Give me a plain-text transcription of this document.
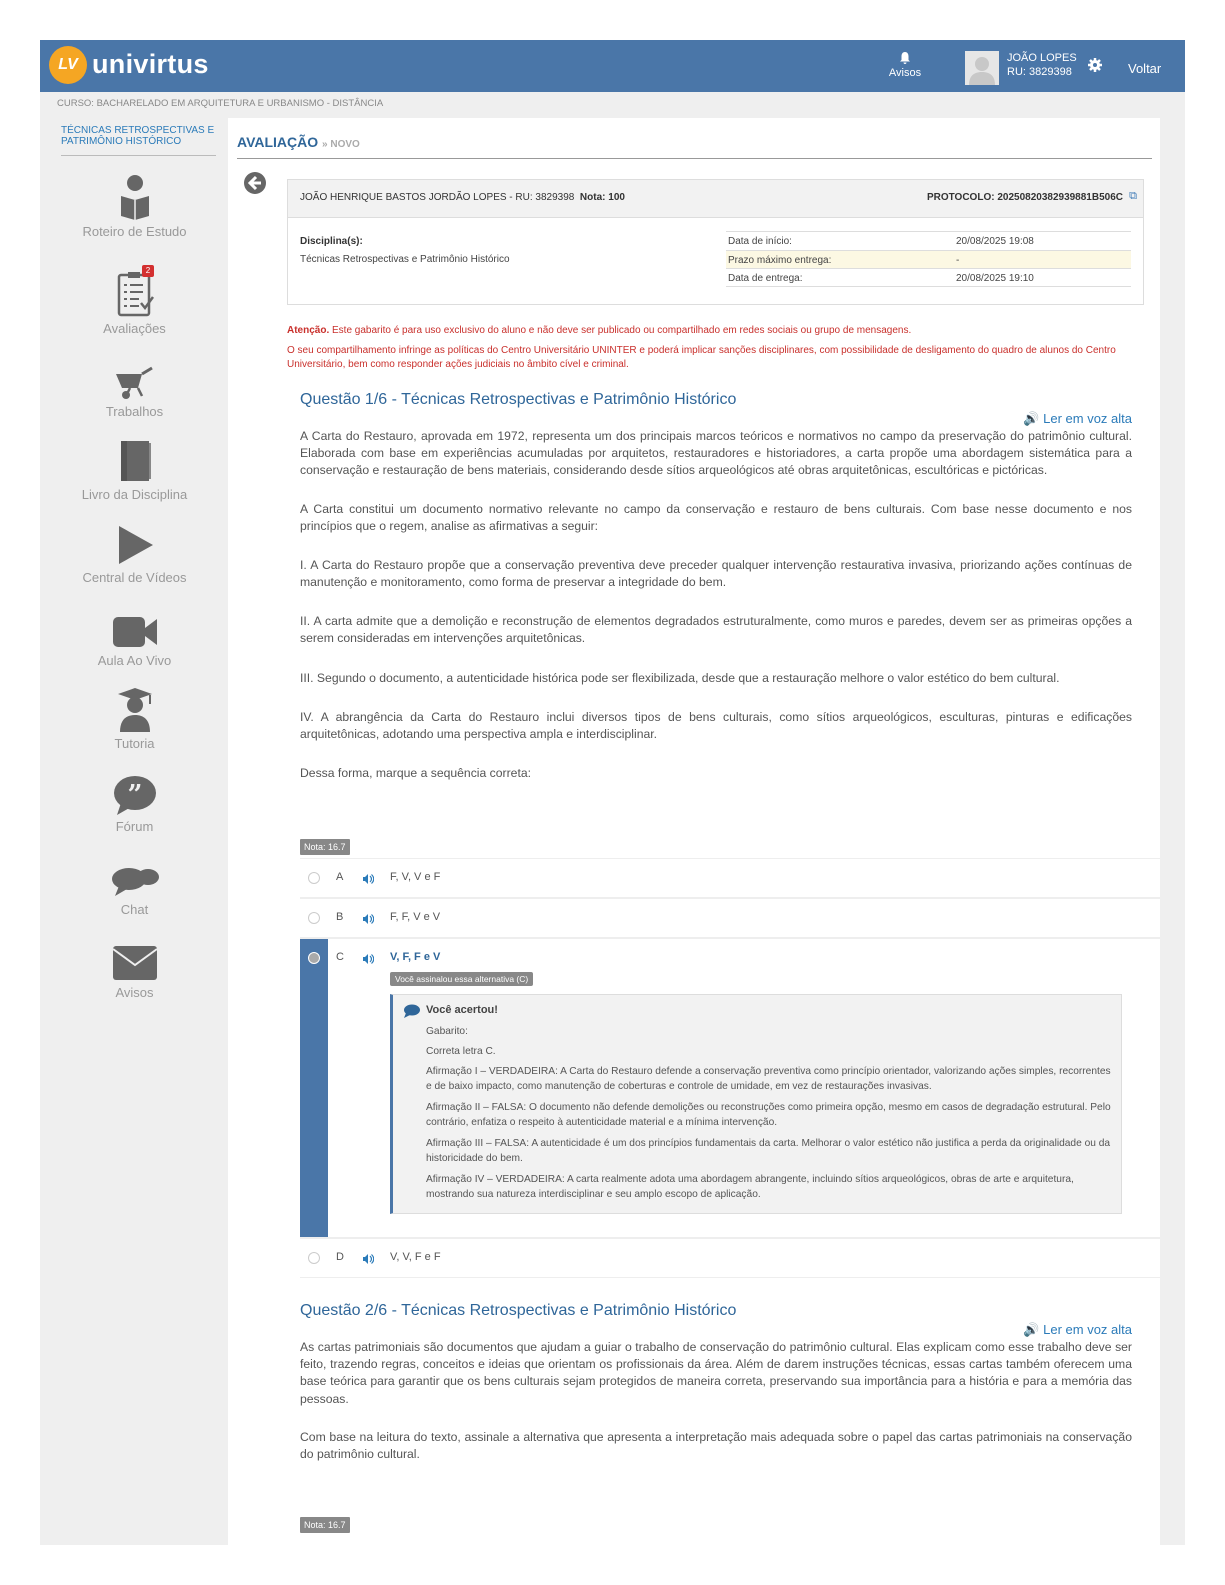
LV univirtus	Avisos
JOÃO LOPES
RU: 3829398	Voltar
CURSO: BACHARELADO EM ARQUITETURA E URBANISMO - DISTÂNCIA
TÉCNICAS RETROSPECTIVAS E PATRIMÔNIO HISTÓRICO
Roteiro de Estudo
2
Avaliações
Trabalhos
Livro da Disciplina
Central de Vídeos
Aula Ao Vivo
Tutoria
”
Fórum
Chat
Avisos
AVALIAÇÃO » NOVO
JOÃO HENRIQUE BASTOS JORDÃO LOPES - RU: 3829398 Nota: 100	PROTOCOLO: 20250820382939881B506C ⧉
Disciplina(s):
Técnicas Retrospectivas e Patrimônio Histórico
Data de início:	20/08/2025 19:08
Prazo máximo entrega:	-
Data de entrega:	20/08/2025 19:10
Atenção. Este gabarito é para uso exclusivo do aluno e não deve ser publicado ou compartilhado em redes sociais ou grupo de mensagens.
O seu compartilhamento infringe as políticas do Centro Universitário UNINTER e poderá implicar sanções disciplinares, com possibilidade de desligamento do quadro de alunos do Centro Universitário, bem como responder ações judiciais no âmbito cível e criminal.
Questão 1/6 - Técnicas Retrospectivas e Patrimônio Histórico
🔊 Ler em voz alta
A Carta do Restauro, aprovada em 1972, representa um dos principais marcos teóricos e normativos no campo da preservação do patrimônio cultural. Elaborada com base em experiências acumuladas por arquitetos, restauradores e historiadores, a carta propõe uma abordagem sistemática para a conservação e restauração de bens materiais, considerando desde sítios arqueológicos até obras arquitetônicas, escultóricas e pictóricas.
A Carta constitui um documento normativo relevante no campo da conservação e restauro de bens culturais. Com base nesse documento e nos princípios que o regem, analise as afirmativas a seguir:
I. A Carta do Restauro propõe que a conservação preventiva deve preceder qualquer intervenção restaurativa invasiva, priorizando ações contínuas de manutenção e monitoramento, como forma de preservar a integridade do bem.
II. A carta admite que a demolição e reconstrução de elementos degradados estruturalmente, como muros e paredes, devem ser as primeiras opções a serem consideradas em intervenções arquitetônicas.
III. Segundo o documento, a autenticidade histórica pode ser flexibilizada, desde que a restauração melhore o valor estético do bem cultural.
IV. A abrangência da Carta do Restauro inclui diversos tipos de bens culturais, como sítios arqueológicos, esculturas, pinturas e edificações arquitetônicas, adotando uma perspectiva ampla e interdisciplinar.
Dessa forma, marque a sequência correta:
Nota: 16.7
A	F, V, V e F
B	F, F, V e V
C	V, F, F e V
Você assinalou essa alternativa (C)
Você acertou!
Gabarito:
Correta letra C.
Afirmação I – VERDADEIRA: A Carta do Restauro defende a conservação preventiva como princípio orientador, valorizando ações simples, recorrentes e de baixo impacto, como manutenção de coberturas e controle de umidade, em vez de restaurações invasivas.
Afirmação II – FALSA: O documento não defende demolições ou reconstruções como primeira opção, mesmo em casos de degradação estrutural. Pelo contrário, enfatiza o respeito à autenticidade material e a mínima intervenção.
Afirmação III – FALSA: A autenticidade é um dos princípios fundamentais da carta. Melhorar o valor estético não justifica a perda da originalidade ou da historicidade do bem.
Afirmação IV – VERDADEIRA: A carta realmente adota uma abordagem abrangente, incluindo sítios arqueológicos, obras de arte e arquitetura, mostrando sua natureza interdisciplinar e seu amplo escopo de aplicação.
D	V, V, F e F
Questão 2/6 - Técnicas Retrospectivas e Patrimônio Histórico
🔊 Ler em voz alta
As cartas patrimoniais são documentos que ajudam a guiar o trabalho de conservação do patrimônio cultural. Elas explicam como esse trabalho deve ser feito, trazendo regras, conceitos e ideias que orientam os profissionais da área. Além de darem instruções técnicas, essas cartas também oferecem uma base teórica para garantir que os bens culturais sejam protegidos de maneira correta, preservando sua importância para a história e para a memória das pessoas.
Com base na leitura do texto, assinale a alternativa que apresenta a interpretação mais adequada sobre o papel das cartas patrimoniais na conservação do patrimônio cultural.
Nota: 16.7
